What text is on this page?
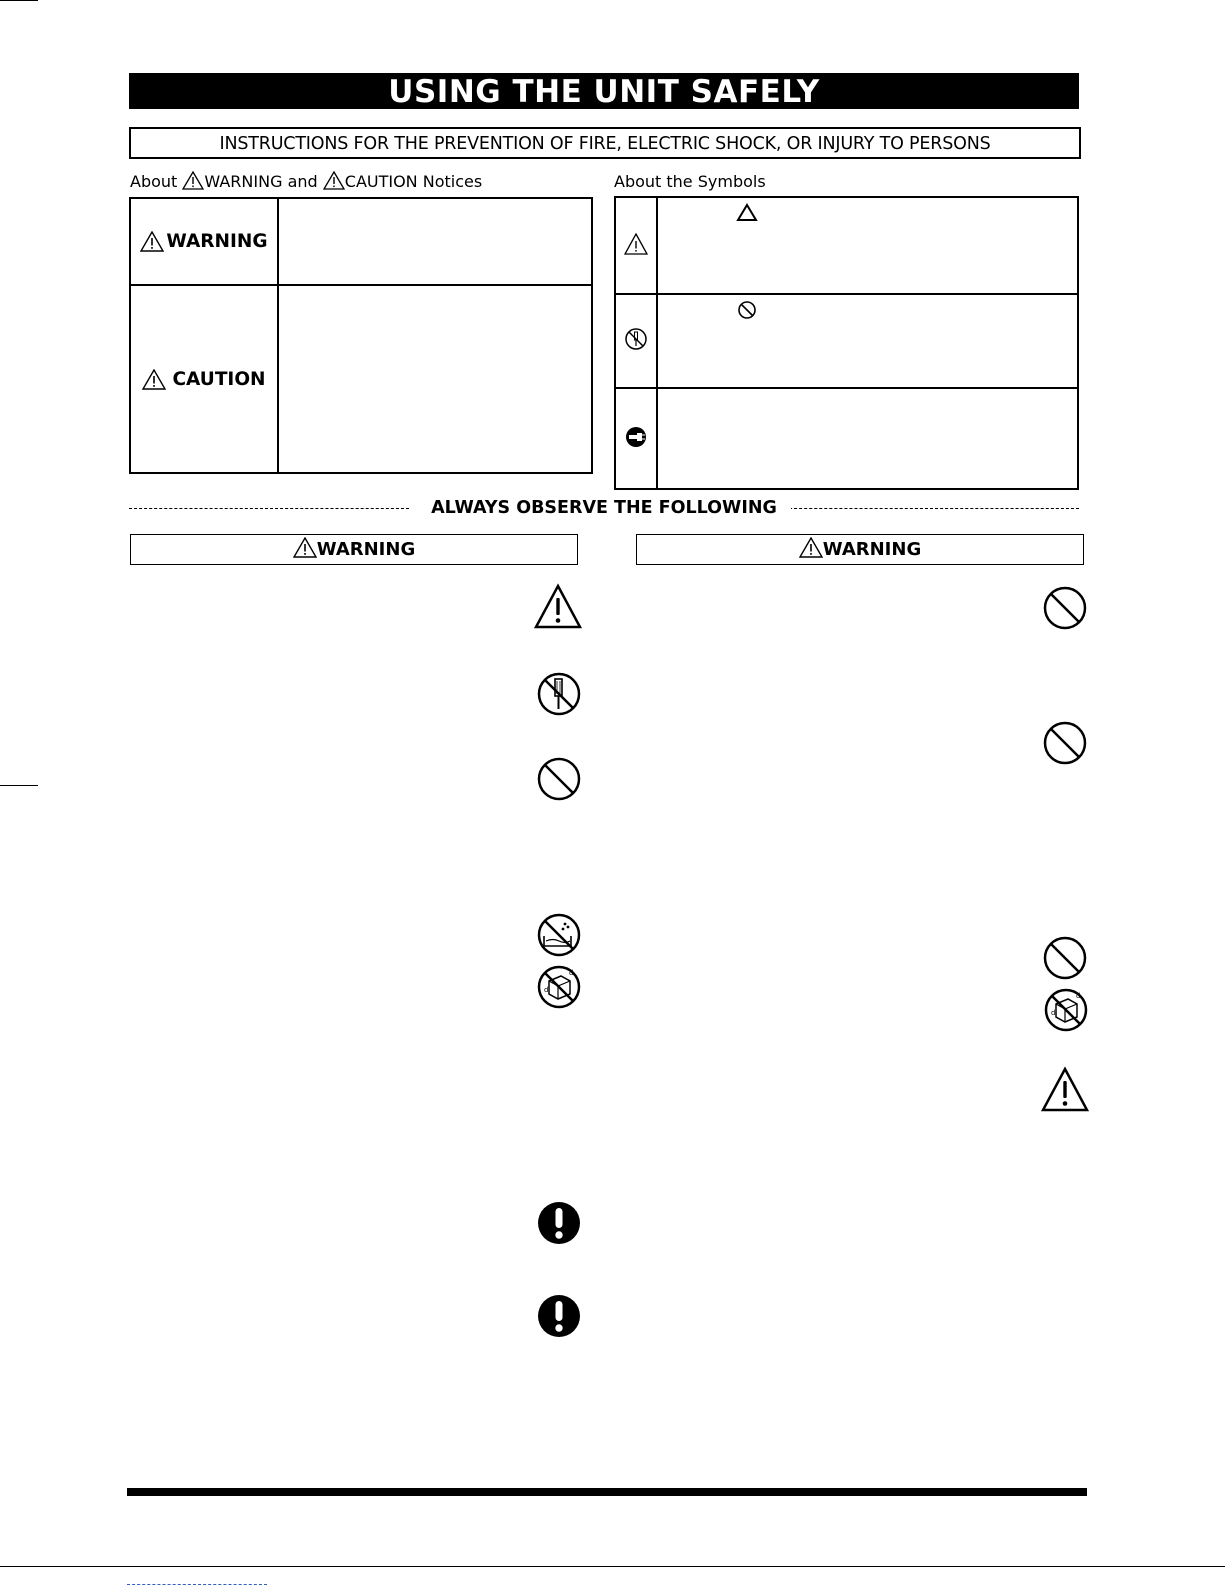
USING THE UNIT SAFELY
INSTRUCTIONS FOR THE PREVENTION OF FIRE, ELECTRIC SHOCK, OR INJURY TO PERSONS
About WARNING and CAUTION Notices	About the Symbols
WARNING	

CAUTION	

ALWAYS OBSERVE THE FOLLOWING
WARNING	WARNING
d
d
d
d
